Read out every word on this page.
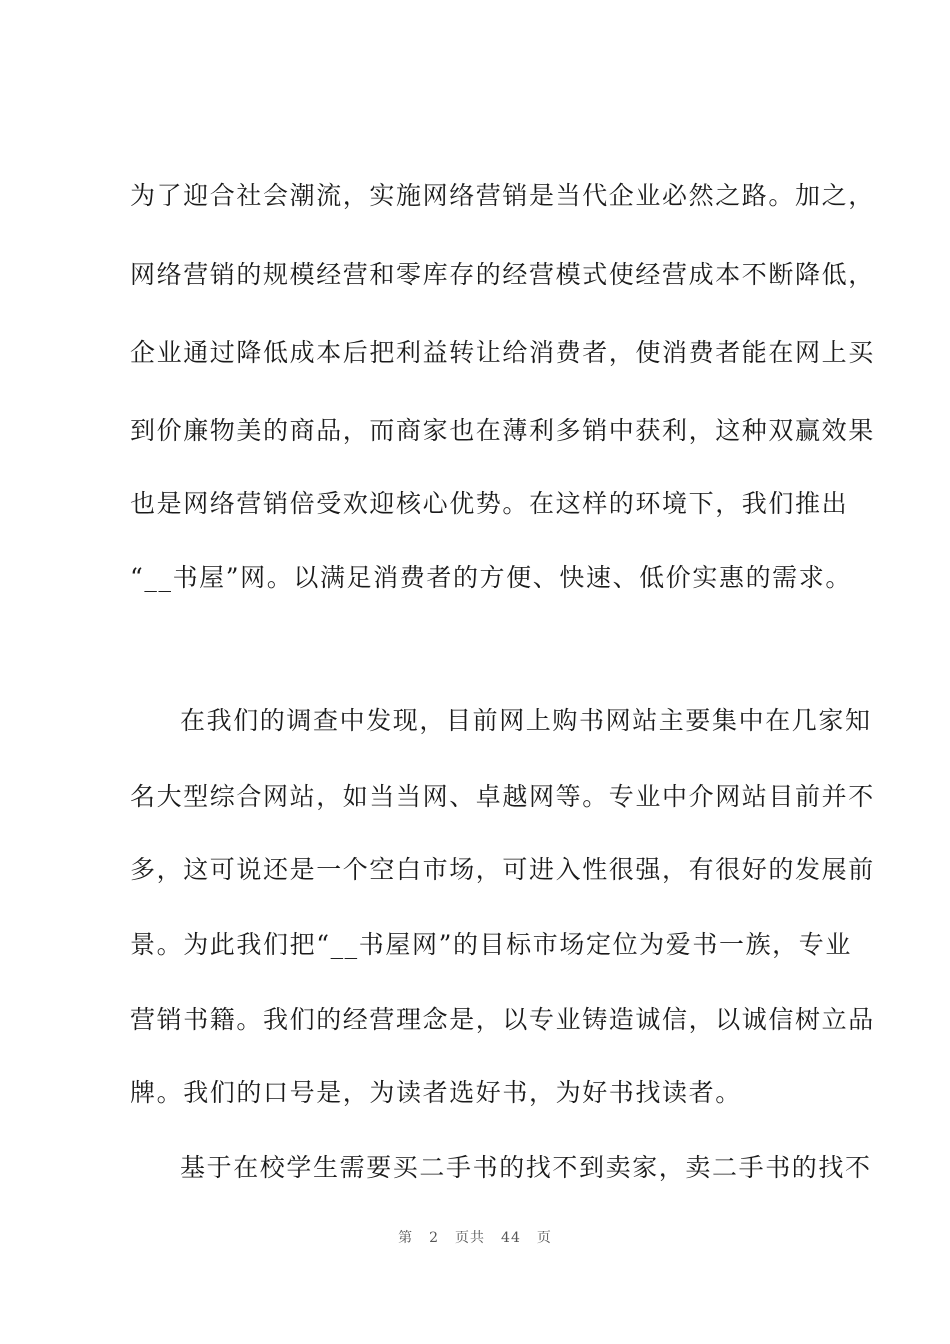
为了迎合社会潮流，实施网络营销是当代企业必然之路。加之，
网络营销的规模经营和零库存的经营模式使经营成本不断降低，
企业通过降低成本后把利益转让给消费者，使消费者能在网上买
到价廉物美的商品，而商家也在薄利多销中获利，这种双赢效果
也是网络营销倍受欢迎核心优势。在这样的环境下，我们推出
“__书屋”网。以满足消费者的方便、快速、低价实惠的需求。
在我们的调查中发现，目前网上购书网站主要集中在几家知
名大型综合网站，如当当网、卓越网等。专业中介网站目前并不
多，这可说还是一个空白市场，可进入性很强，有很好的发展前
景。为此我们把“__书屋网”的目标市场定位为爱书一族，专业
营销书籍。我们的经营理念是，以专业铸造诚信，以诚信树立品
牌。我们的口号是，为读者选好书，为好书找读者。
基于在校学生需要买二手书的找不到卖家，卖二手书的找不
第 2 页共 44 页
